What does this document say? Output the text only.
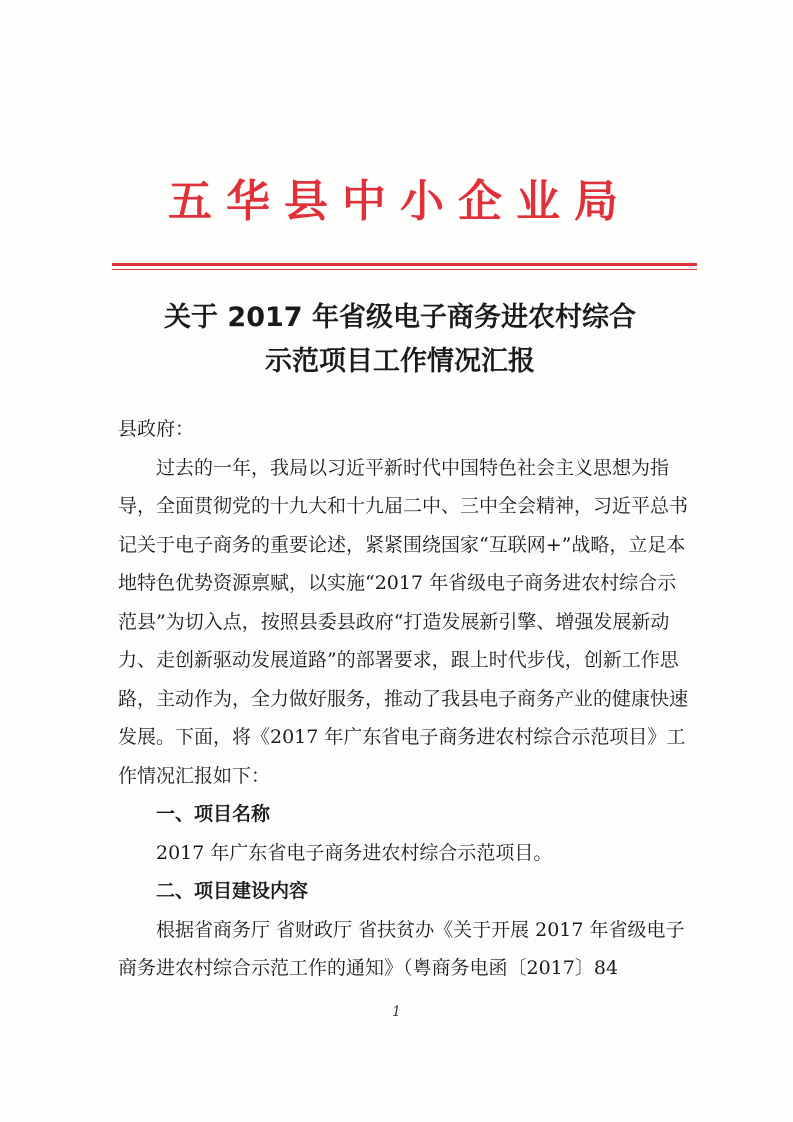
五华县中小企业局
关于 2017 年省级电子商务进农村综合
示范项目工作情况汇报

县政府：

过去的一年，我局以习近平新时代中国特色社会主义思想为指导，全面贯彻党的十九大和十九届二中、三中全会精神，习近平总书记关于电子商务的重要论述，紧紧围绕国家“互联网+”战略，立足本地特色优势资源禀赋，以实施“2017 年省级电子商务进农村综合示范县”为切入点，按照县委县政府“打造发展新引擎、增强发展新动力、走创新驱动发展道路”的部署要求，跟上时代步伐，创新工作思路，主动作为，全力做好服务，推动了我县电子商务产业的健康快速发展。下面，将《2017 年广东省电子商务进农村综合示范项目》工作情况汇报如下：

一、项目名称

2017 年广东省电子商务进农村综合示范项目。

二、项目建设内容

根据省商务厅 省财政厅 省扶贫办《关于开展 2017 年省级电子商务进农村综合示范工作的通知》（粤商务电函〔2017〕84

1
